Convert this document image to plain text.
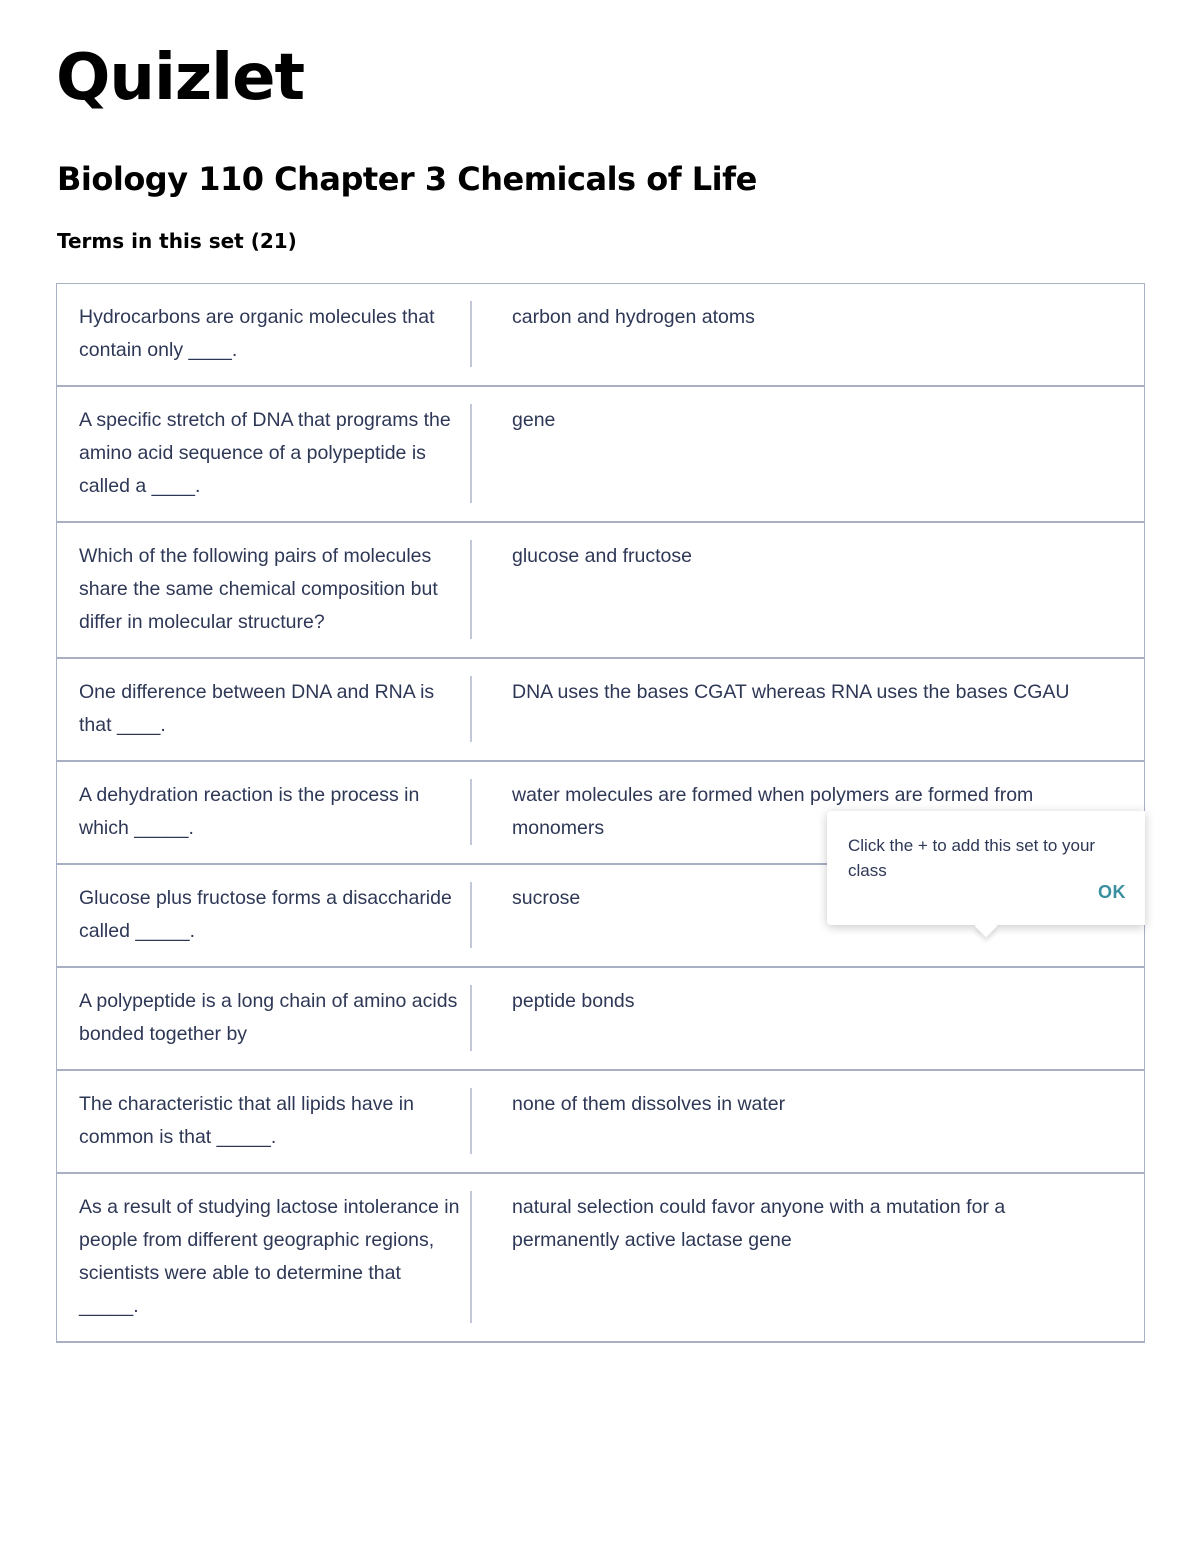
Quizlet
Biology 110 Chapter 3 Chemicals of Life
Terms in this set (21)
Hydrocarbons are organic molecules that contain only ____.
carbon and hydrogen atoms
A specific stretch of DNA that programs the amino acid sequence of a polypeptide is called a ____.
gene
Which of the following pairs of molecules share the same chemical composition but differ in molecular structure?
glucose and fructose
One difference between DNA and RNA is that ____.
DNA uses the bases CGAT whereas RNA uses the bases CGAU
A dehydration reaction is the process in which _____.
water molecules are formed when polymers are formed from monomers
Glucose plus fructose forms a disaccharide called _____.
sucrose
A polypeptide is a long chain of amino acids bonded together by
peptide bonds
The characteristic that all lipids have in common is that _____.
none of them dissolves in water
As a result of studying lactose intolerance in people from different geographic regions, scientists were able to determine that _____.
natural selection could favor anyone with a mutation for a permanently active lactase gene
Click the + to add this set to your class
OK
